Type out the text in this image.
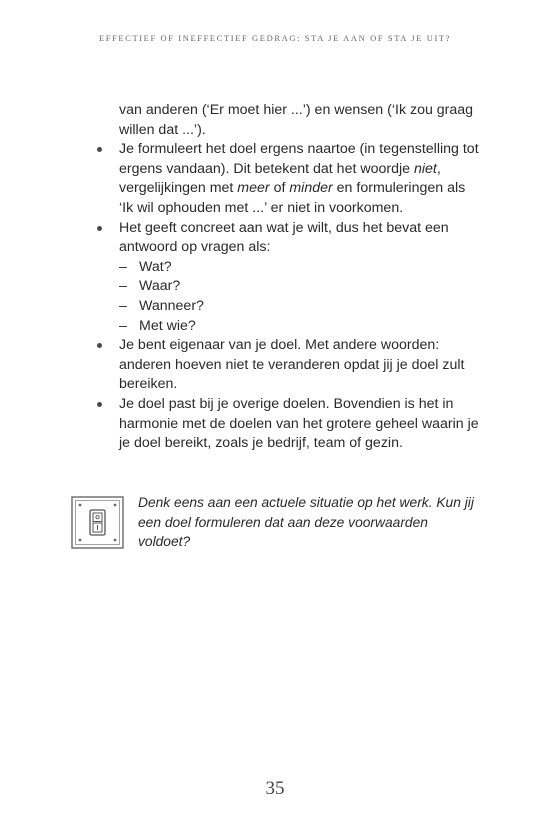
EFFECTIEF OF INEFFECTIEF GEDRAG: STA JE AAN OF STA JE UIT?

van anderen (‘Er moet hier ...’) en wensen (‘Ik zou graag willen dat ...’).

Je formuleert het doel ergens naartoe (in tegenstelling tot ergens vandaan). Dit betekent dat het woordje niet, vergelijkingen met meer of minder en formuleringen als ‘Ik wil ophouden met ...’ er niet in voorkomen.
Het geeft concreet aan wat je wilt, dus het bevat een antwoord op vragen als:
– Wat?
– Waar?
– Wanneer?
– Met wie?
Je bent eigenaar van je doel. Met andere woorden: anderen hoeven niet te veranderen opdat jij je doel zult bereiken.
Je doel past bij je overige doelen. Bovendien is het in harmonie met de doelen van het grotere geheel waarin je je doel bereikt, zoals je bedrijf, team of gezin.
Denk eens aan een actuele situatie op het werk. Kun jij een doel formuleren dat aan deze voorwaarden voldoet?
35
